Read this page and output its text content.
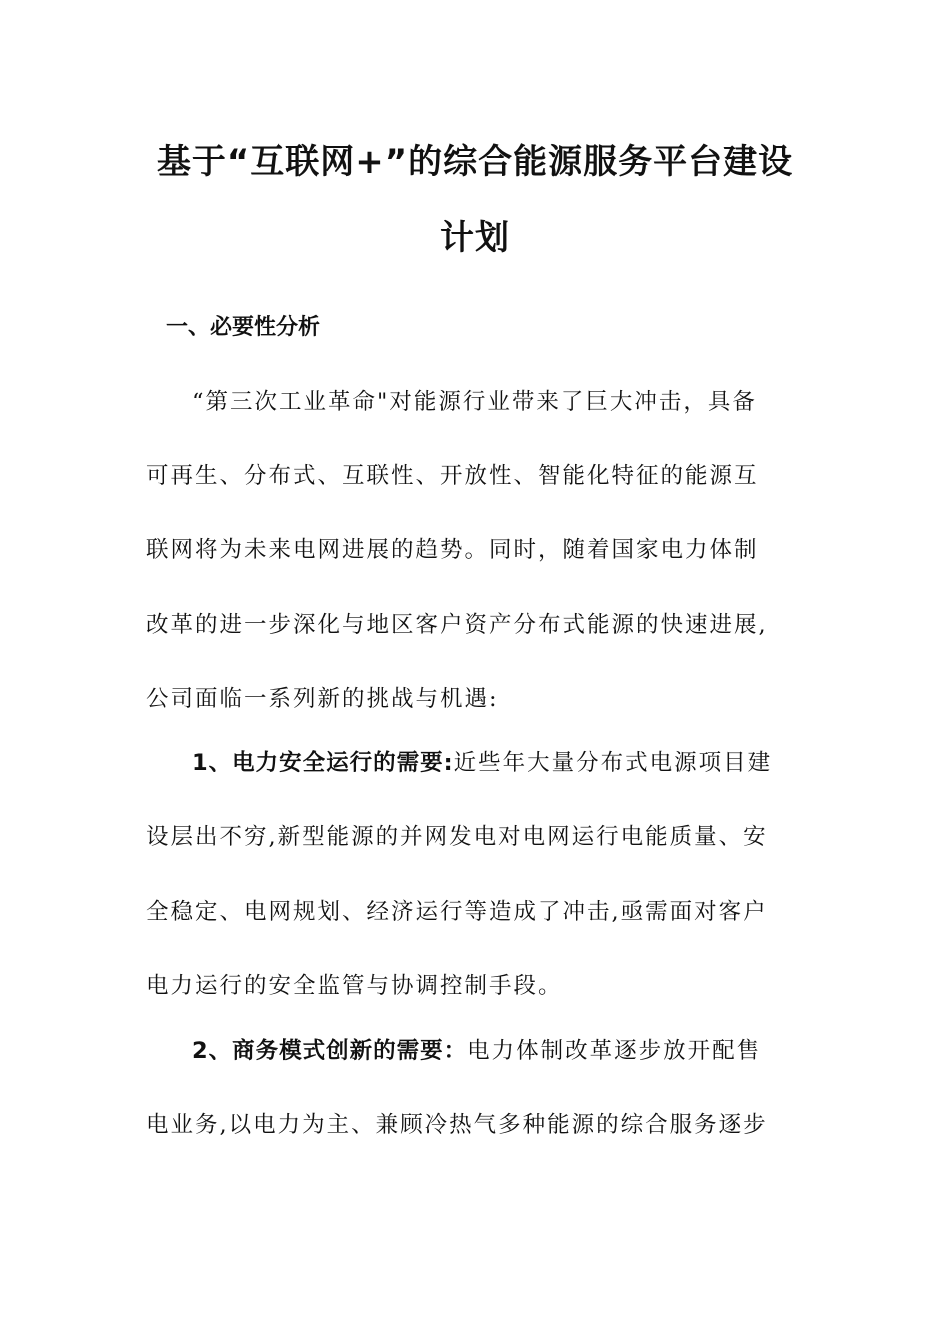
基于“互联网+”的综合能源服务平台建设
计划
一、必要性分析
“第三次工业革命"对能源行业带来了巨大冲击，具备
可再生、分布式、互联性、开放性、智能化特征的能源互
联网将为未来电网进展的趋势。同时，随着国家电力体制
改革的进一步深化与地区客户资产分布式能源的快速进展,
公司面临一系列新的挑战与机遇:
1、电力安全运行的需要:近些年大量分布式电源项目建
设层出不穷,新型能源的并网发电对电网运行电能质量、安
全稳定、电网规划、经济运行等造成了冲击,亟需面对客户
电力运行的安全监管与协调控制手段。
2、商务模式创新的需要：电力体制改革逐步放开配售
电业务,以电力为主、兼顾冷热气多种能源的综合服务逐步
